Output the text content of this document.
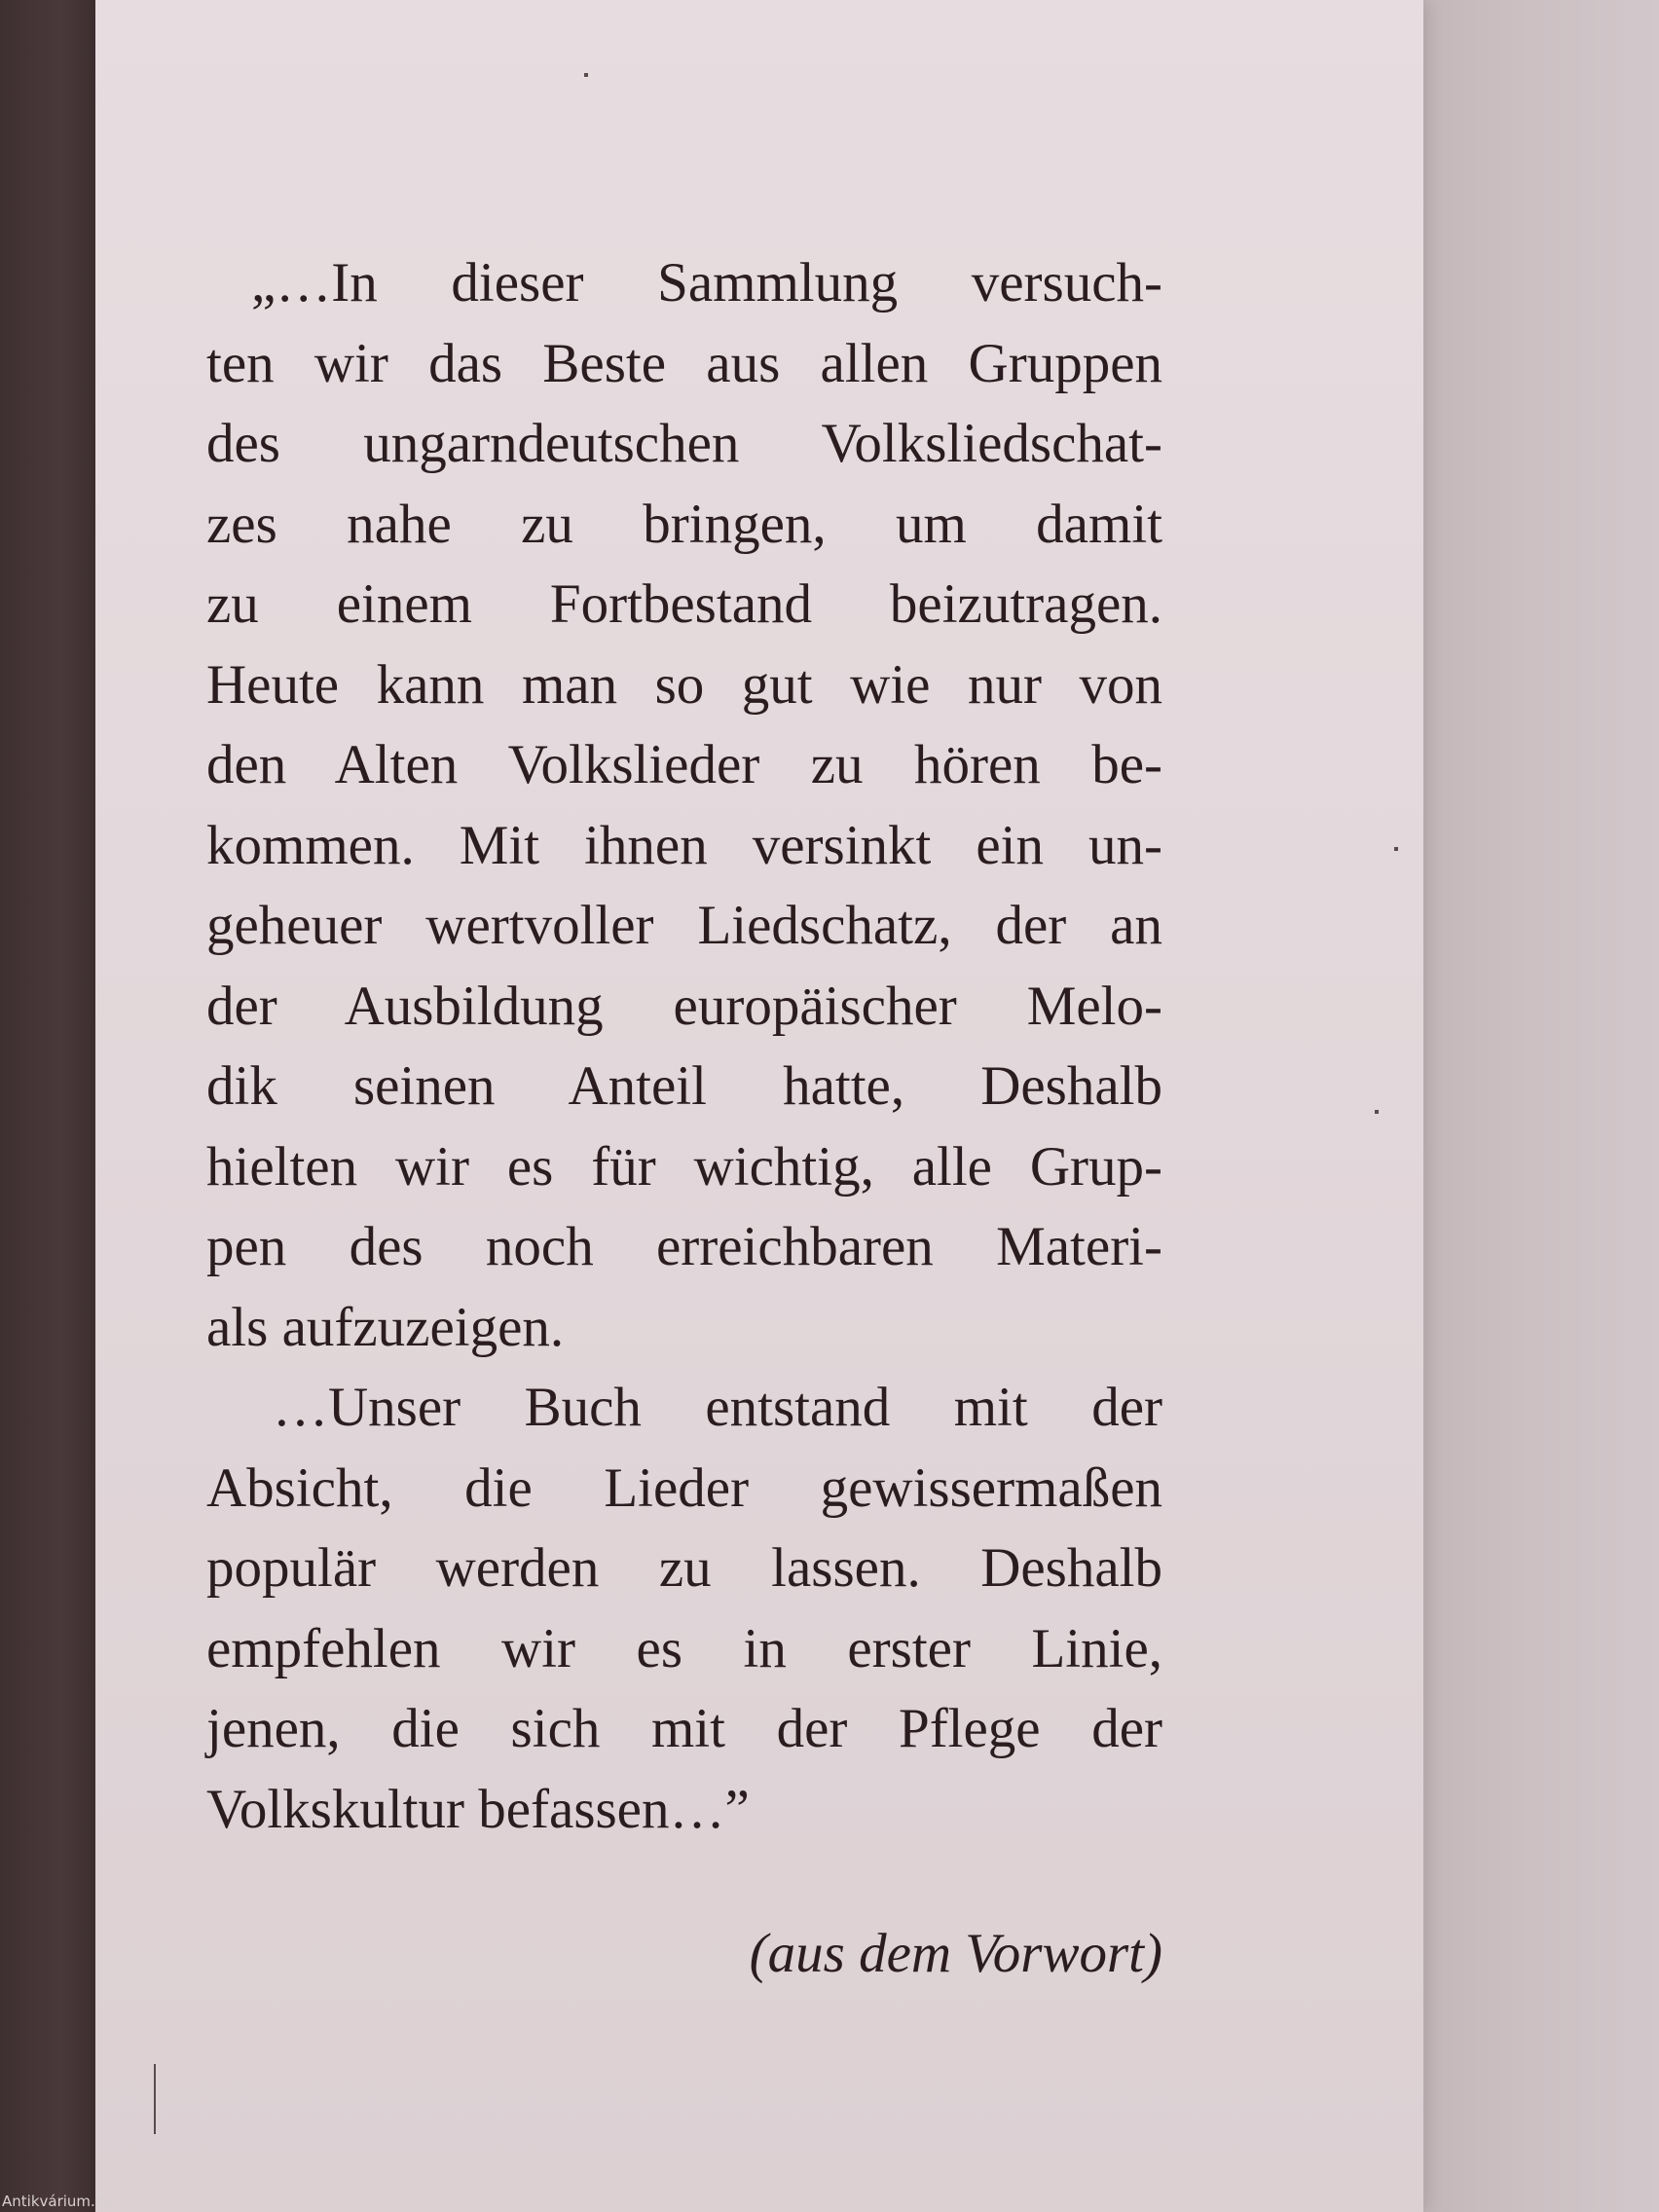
„…In dieser Sammlung versuch-
ten wir das Beste aus allen Gruppen
des ungarndeutschen Volksliedschat-
zes nahe zu bringen, um damit
zu einem Fortbestand beizutragen.
Heute kann man so gut wie nur von
den Alten Volkslieder zu hören be-
kommen. Mit ihnen versinkt ein un-
geheuer wertvoller Liedschatz, der an
der Ausbildung europäischer Melo-
dik seinen Anteil hatte, Deshalb
hielten wir es für wichtig, alle Grup-
pen des noch erreichbaren Materi-
als aufzuzeigen.
…Unser Buch entstand mit der
Absicht, die Lieder gewissermaßen
populär werden zu lassen. Deshalb
empfehlen wir es in erster Linie,
jenen, die sich mit der Pflege der
Volkskultur befassen…”
(aus dem Vorwort)
Antikvárium.hu
